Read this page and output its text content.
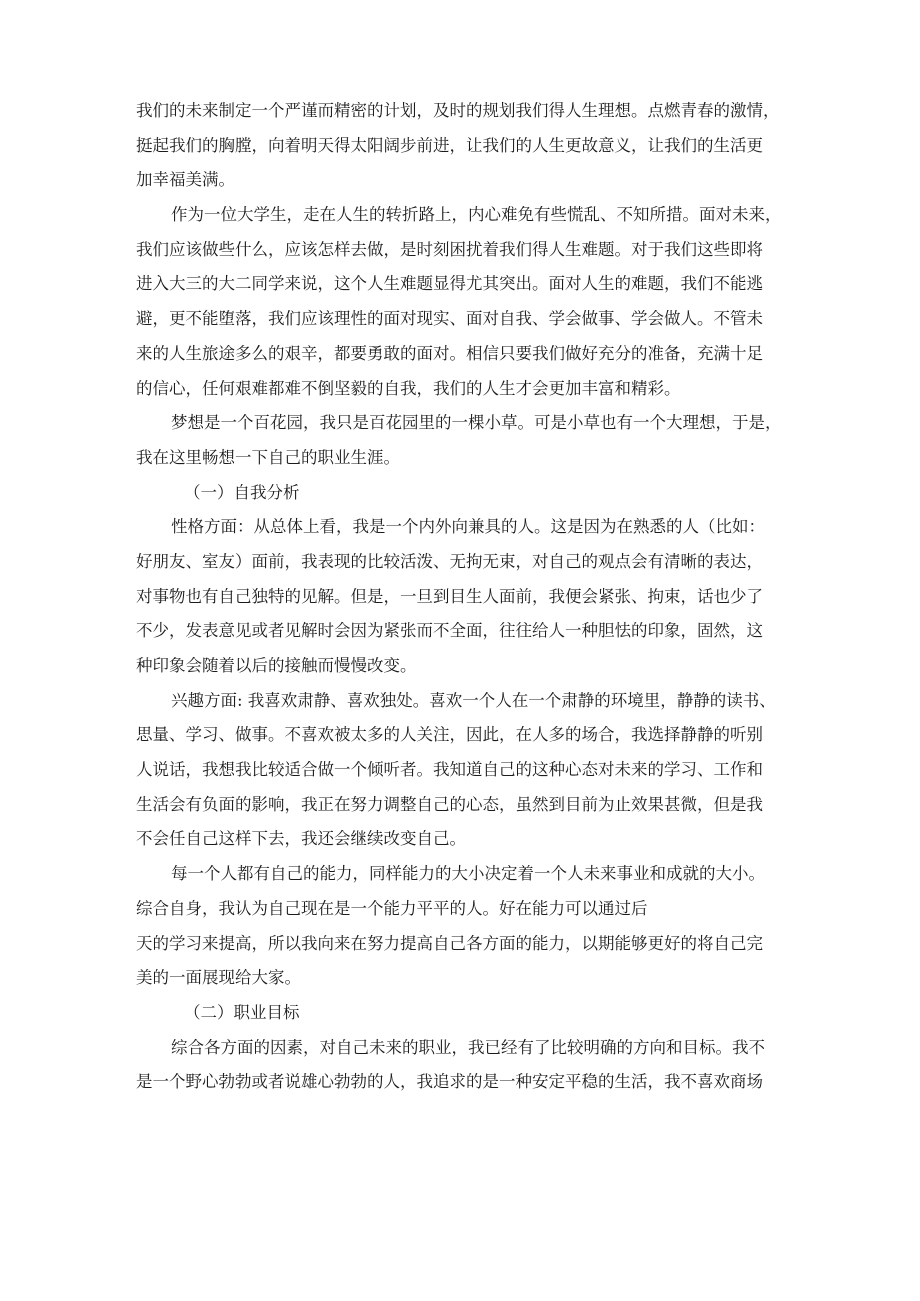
我们的未来制定一个严谨而精密的计划，及时的规划我们得人生理想。点燃青春的激情，
挺起我们的胸膛，向着明天得太阳阔步前进，让我们的人生更故意义，让我们的生活更
加幸福美满。
作为一位大学生，走在人生的转折路上，内心难免有些慌乱、不知所措。面对未来，
我们应该做些什么，应该怎样去做，是时刻困扰着我们得人生难题。对于我们这些即将
进入大三的大二同学来说，这个人生难题显得尤其突出。面对人生的难题，我们不能逃
避，更不能堕落，我们应该理性的面对现实、面对自我、学会做事、学会做人。不管未
来的人生旅途多么的艰辛，都要勇敢的面对。相信只要我们做好充分的准备，充满十足
的信心，任何艰难都难不倒坚毅的自我，我们的人生才会更加丰富和精彩。
梦想是一个百花园，我只是百花园里的一棵小草。可是小草也有一个大理想，于是，
我在这里畅想一下自己的职业生涯。
（一）自我分析
性格方面：从总体上看，我是一个内外向兼具的人。这是因为在熟悉的人（比如：
好朋友、室友）面前，我表现的比较活泼、无拘无束，对自己的观点会有清晰的表达，
对事物也有自己独特的见解。但是，一旦到目生人面前，我便会紧张、拘束，话也少了
不少，发表意见或者见解时会因为紧张而不全面，往往给人一种胆怯的印象，固然，这
种印象会随着以后的接触而慢慢改变。
兴趣方面: 我喜欢肃静、喜欢独处。喜欢一个人在一个肃静的环境里，静静的读书、
思量、学习、做事。不喜欢被太多的人关注，因此，在人多的场合，我选择静静的听别
人说话，我想我比较适合做一个倾听者。我知道自己的这种心态对未来的学习、工作和
生活会有负面的影响，我正在努力调整自己的心态，虽然到目前为止效果甚微，但是我
不会任自己这样下去，我还会继续改变自己。
每一个人都有自己的能力，同样能力的大小决定着一个人未来事业和成就的大小。
综合自身，我认为自己现在是一个能力平平的人。好在能力可以通过后
天的学习来提高，所以我向来在努力提高自己各方面的能力，以期能够更好的将自己完
美的一面展现给大家。
（二）职业目标
综合各方面的因素，对自己未来的职业，我已经有了比较明确的方向和目标。我不
是一个野心勃勃或者说雄心勃勃的人，我追求的是一种安定平稳的生活，我不喜欢商场
